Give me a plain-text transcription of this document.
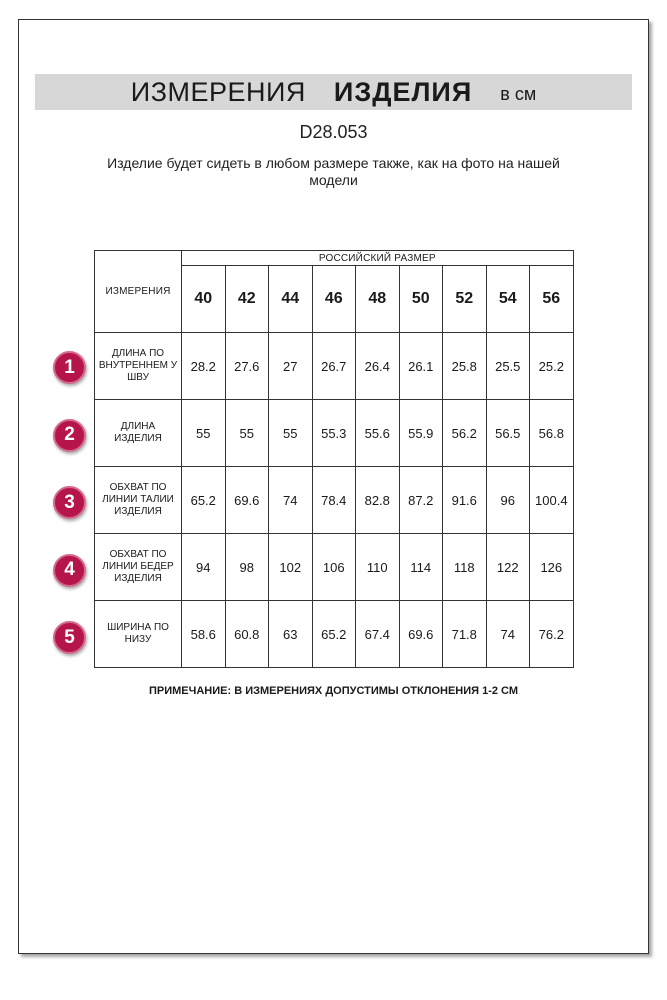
ИЗМЕРЕНИЯ ИЗДЕЛИЯ в см
D28.053
Изделие будет сидеть в любом размере также, как на фото на нашей модели
ИЗМЕРЕНИЯ	РОССИЙСКИЙ РАЗМЕР								
	40	42	44	46	48	50	52	54	56
ДЛИНА ПО ВНУТРЕННЕМ У ШВУ	28.2	27.6	27	26.7	26.4	26.1	25.8	25.5	25.2
ДЛИНА ИЗДЕЛИЯ	55	55	55	55.3	55.6	55.9	56.2	56.5	56.8
ОБХВАТ ПО ЛИНИИ ТАЛИИ ИЗДЕЛИЯ	65.2	69.6	74	78.4	82.8	87.2	91.6	96	100.4
ОБХВАТ ПО ЛИНИИ БЕДЕР ИЗДЕЛИЯ	94	98	102	106	110	114	118	122	126
ШИРИНА ПО НИЗУ	58.6	60.8	63	65.2	67.4	69.6	71.8	74	76.2
1
2
3
4
5
ПРИМЕЧАНИЕ: В ИЗМЕРЕНИЯХ ДОПУСТИМЫ ОТКЛОНЕНИЯ 1-2 СМ
